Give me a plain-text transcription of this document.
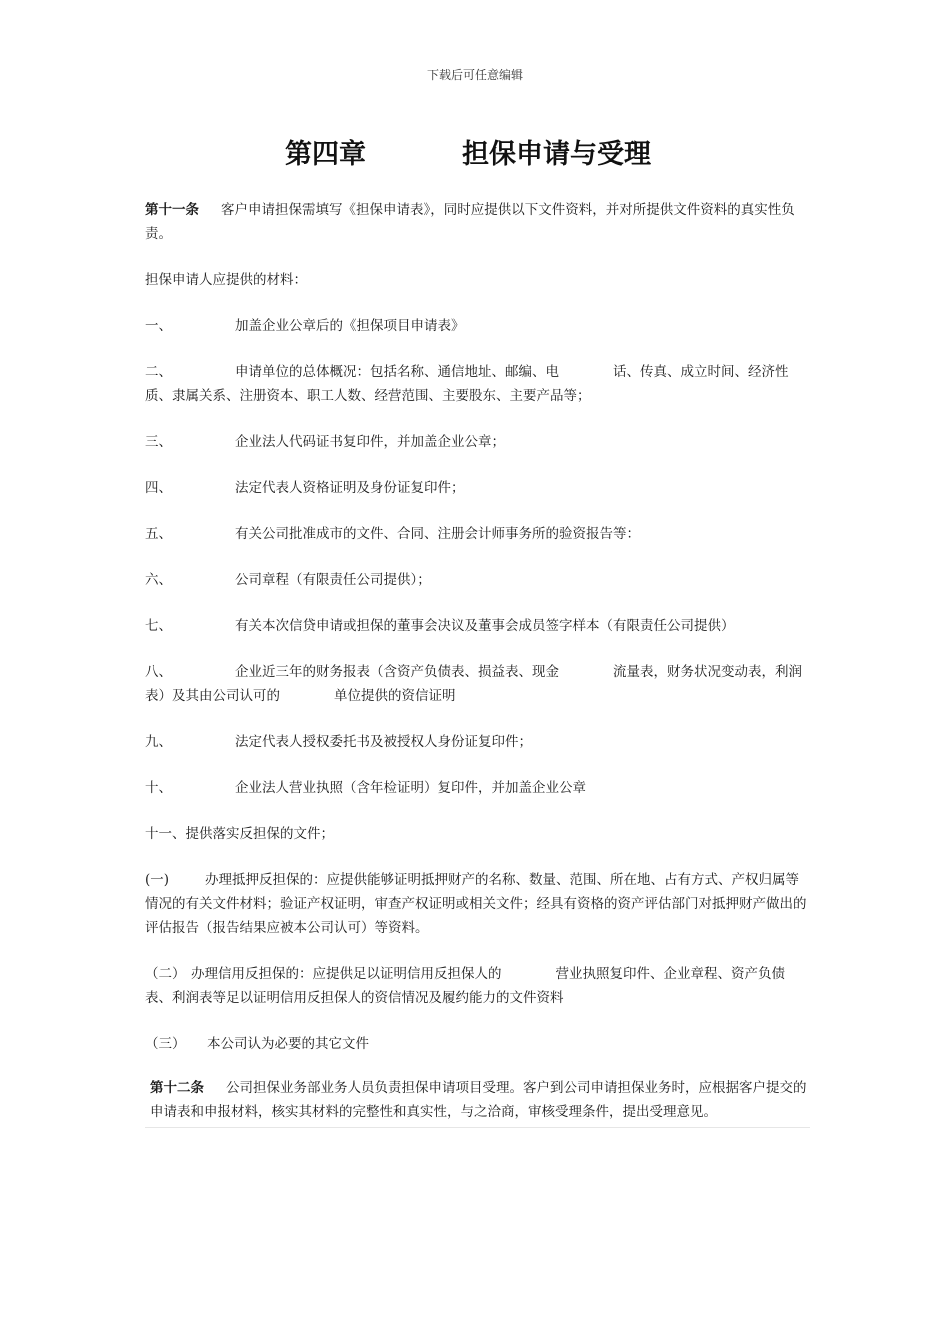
下载后可任意编辑
第四章	担保申请与受理

第十一条 客户申请担保需填写《担保申请表》，同时应提供以下文件资料，并对所提供文件资料的真实性负责。

担保申请人应提供的材料：

一、	加盖企业公章后的《担保项目申请表》

二、	申请单位的总体概况：包括名称、通信地址、邮编、电　　　　话、传真、成立时间、经济性质、隶属关系、注册资本、职工人数、经营范围、主要股东、主要产品等；

三、	企业法人代码证书复印件，并加盖企业公章；

四、	法定代表人资格证明及身份证复印件；

五、	有关公司批准成市的文件、合同、注册会计师事务所的验资报告等：

六、	公司章程（有限责任公司提供）；

七、	有关本次信贷申请或担保的董事会决议及董事会成员签字样本（有限责任公司提供）

八、	企业近三年的财务报表（含资产负债表、损益表、现金　　　　流量表，财务状况变动表，利润表）及其由公司认可的　　　　单位提供的资信证明

九、	法定代表人授权委托书及被授权人身份证复印件；

十、	企业法人营业执照（含年检证明）复印件，并加盖企业公章

十一、提供落实反担保的文件；

(一)	办理抵押反担保的：应提供能够证明抵押财产的名称、数量、范围、所在地、占有方式、产权归属等情况的有关文件材料；验证产权证明，审查产权证明或相关文件；经具有资格的资产评估部门对抵押财产做出的评估报告（报告结果应被本公司认可）等资料。

（二） 办理信用反担保的：应提供足以证明信用反担保人的　　　　营业执照复印件、企业章程、资产负债表、利润表等足以证明信用反担保人的资信情况及履约能力的文件资料

（三） 本公司认为必要的其它文件

第十二条 公司担保业务部业务人员负责担保申请项目受理。客户到公司申请担保业务时，应根据客户提交的申请表和申报材料，核实其材料的完整性和真实性，与之洽商，审核受理条件，提出受理意见。
